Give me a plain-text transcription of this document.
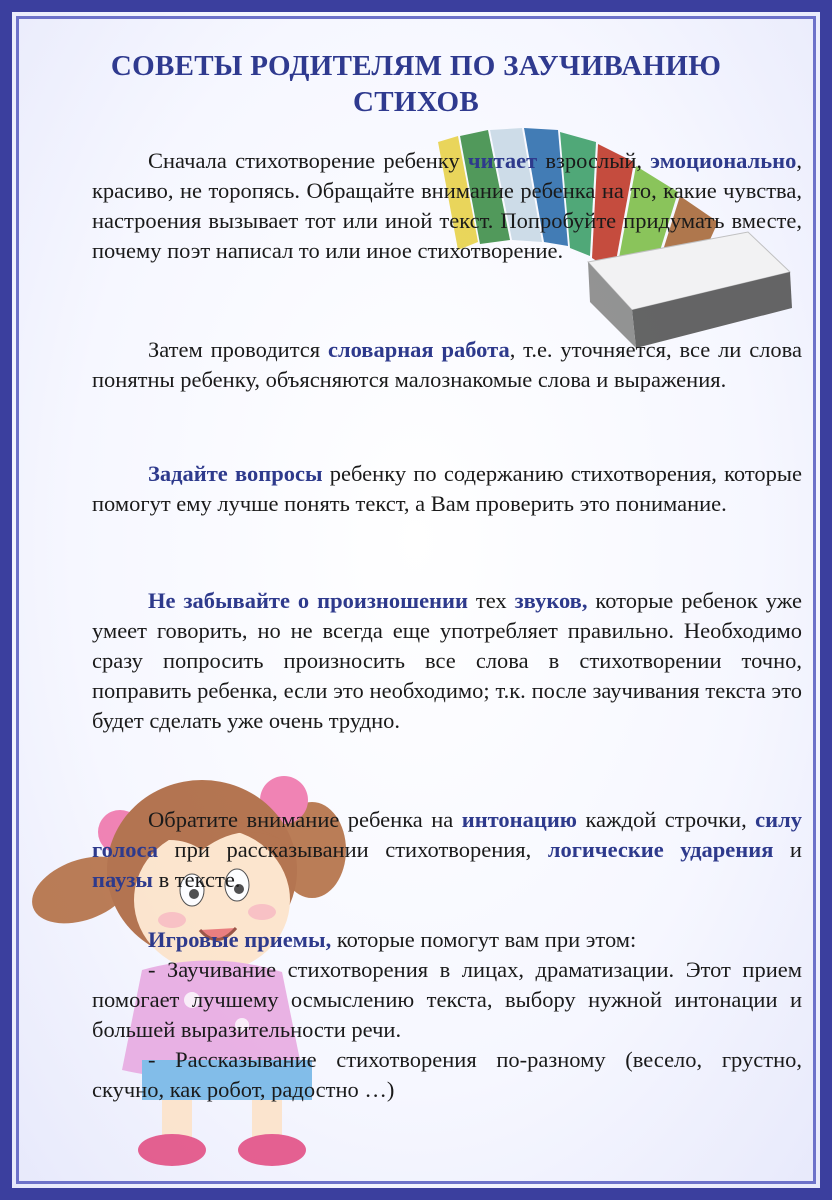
СОВЕТЫ РОДИТЕЛЯМ ПО ЗАУЧИВАНИЮ
СТИХОВ

Сначала стихотворение ребенку читает взрослый, эмоционально, красиво, не торопясь. Обращайте внимание ребенка на то, какие чувства, настроения вызывает тот или иной текст. Попробуйте придумать вместе, почему поэт написал то или иное стихотворение.

Затем проводится словарная работа, т.е. уточняется, все ли слова понятны ребенку, объясняются малознакомые слова и выражения.

Задайте вопросы ребенку по содержанию стихотворения, которые помогут ему лучше понять текст, а Вам проверить это понимание.

Не забывайте о произношении тех звуков, которые ребенок уже умеет говорить, но не всегда еще употребляет правильно. Необходимо сразу попросить произносить все слова в стихотворении точно, поправить ребенка, если это необходимо; т.к. после заучивания текста это будет сделать уже очень трудно.

Обратите внимание ребенка на интонацию каждой строчки, силу голоса при рассказывании стихотворения, логические ударения и паузы в тексте.

Игровые приемы, которые помогут вам при этом:
- Заучивание стихотворения в лицах, драматизации. Этот прием помогает лучшему осмыслению текста, выбору нужной интонации и большей выразительности речи.
- Рассказывание стихотворения по-разному (весело, грустно, скучно, как робот, радостно …)
